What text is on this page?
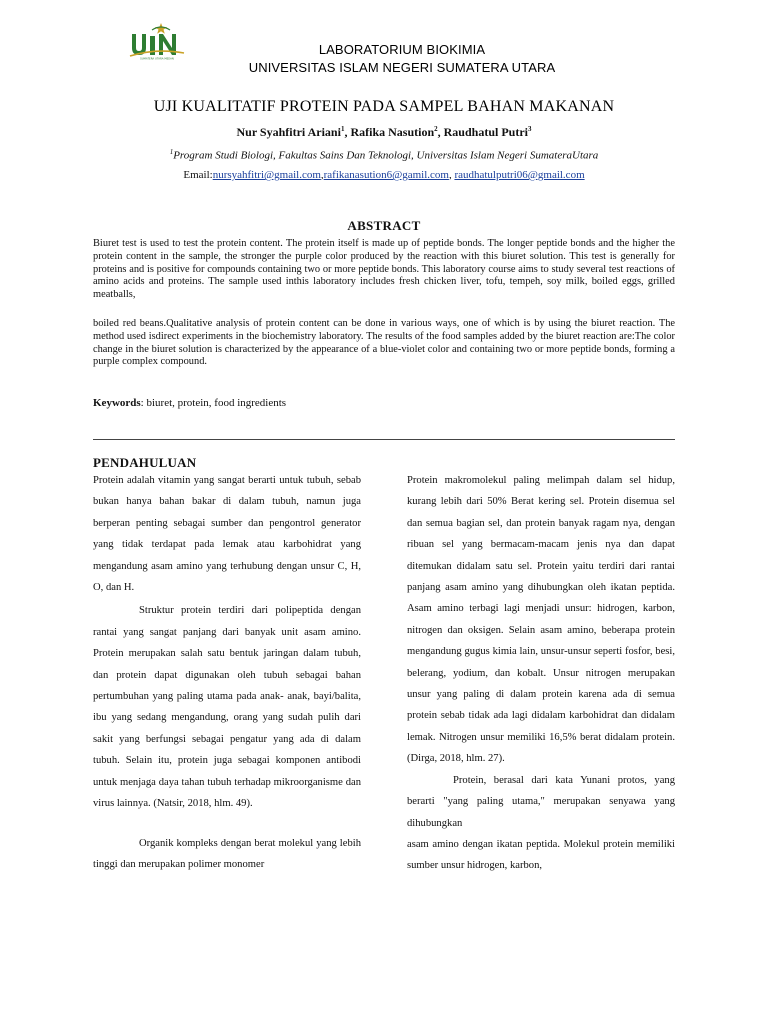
SUMATERA UTARA MEDAN
LABORATORIUM BIOKIMIA
UNIVERSITAS ISLAM NEGERI SUMATERA UTARA
UJI KUALITATIF PROTEIN PADA SAMPEL BAHAN MAKANAN
Nur Syahfitri Ariani$^1$, Rafika Nasution$^2$, Raudhatul Putri$^3$
$^1$Program Studi Biologi, Fakultas Sains Dan Teknologi, Universitas Islam Negeri SumateraUtara
Email:nursyahfitri@gmail.com,rafikanasution6@gamil.com, raudhatulputri06@gmail.com
ABSTRACT

Biuret test is used to test the protein content. The protein itself is made up of peptide bonds. The longer peptide bonds and the higher the protein content in the sample, the stronger the purple color produced by the reaction with this biuret solution. This test is generally for proteins and is positive for compounds containing two or more peptide bonds. This laboratory course aims to study several test reactions of amino acids and proteins. The sample used inthis laboratory includes fresh chicken liver, tofu, tempeh, soy milk, boiled eggs, grilled meatballs,

boiled red beans.Qualitative analysis of protein content can be done in various ways, one of which is by using the biuret reaction. The method used isdirect experiments in the biochemistry laboratory. The results of the food samples added by the biuret reaction are:The color change in the biuret solution is characterized by the appearance of a blue-violet color and containing two or more peptide bonds, forming a purple complex compound.

Keywords: biuret, protein, food ingredients
PENDAHULUAN

Protein adalah vitamin yang sangat berarti untuk tubuh, sebab bukan hanya bahan bakar di dalam tubuh, namun juga berperan penting sebagai sumber dan pengontrol generator yang tidak terdapat pada lemak atau karbohidrat yang mengandung asam amino yang terhubung dengan unsur C, H, O, dan H.

Struktur protein terdiri dari polipeptida dengan rantai yang sangat panjang dari banyak unit asam amino. Protein merupakan salah satu bentuk jaringan dalam tubuh, dan protein dapat digunakan oleh tubuh sebagai bahan pertumbuhan yang paling utama pada anak- anak, bayi/balita, ibu yang sedang mengandung, orang yang sudah pulih dari sakit yang berfungsi sebagai pengatur yang ada di dalam tubuh. Selain itu, protein juga sebagai komponen antibodi untuk menjaga daya tahan tubuh terhadap mikroorganisme dan virus lainnya. (Natsir, 2018, hlm. 49).

Organik kompleks dengan berat molekul yang lebih tinggi dan merupakan polimer monomer

Protein makromolekul paling melimpah dalam sel hidup, kurang lebih dari 50% Berat kering sel. Protein disemua sel dan semua bagian sel, dan protein banyak ragam nya, dengan ribuan sel yang bermacam-macam jenis nya dan dapat ditemukan didalam satu sel. Protein yaitu terdiri dari rantai panjang asam amino yang dihubungkan oleh ikatan peptida. Asam amino terbagi lagi menjadi unsur: hidrogen, karbon, nitrogen dan oksigen. Selain asam amino, beberapa protein mengandung gugus kimia lain, unsur-unsur seperti fosfor, besi, belerang, yodium, dan kobalt. Unsur nitrogen merupakan unsur yang paling di dalam protein karena ada di semua protein sebab tidak ada lagi didalam karbohidrat dan didalam lemak. Nitrogen unsur memiliki 16,5% berat didalam protein. (Dirga, 2018, hlm. 27).

Protein, berasal dari kata Yunani protos, yang berarti "yang paling utama," merupakan senyawa yang dihubungkan

asam amino dengan ikatan peptida. Molekul protein memiliki sumber unsur hidrogen, karbon,
